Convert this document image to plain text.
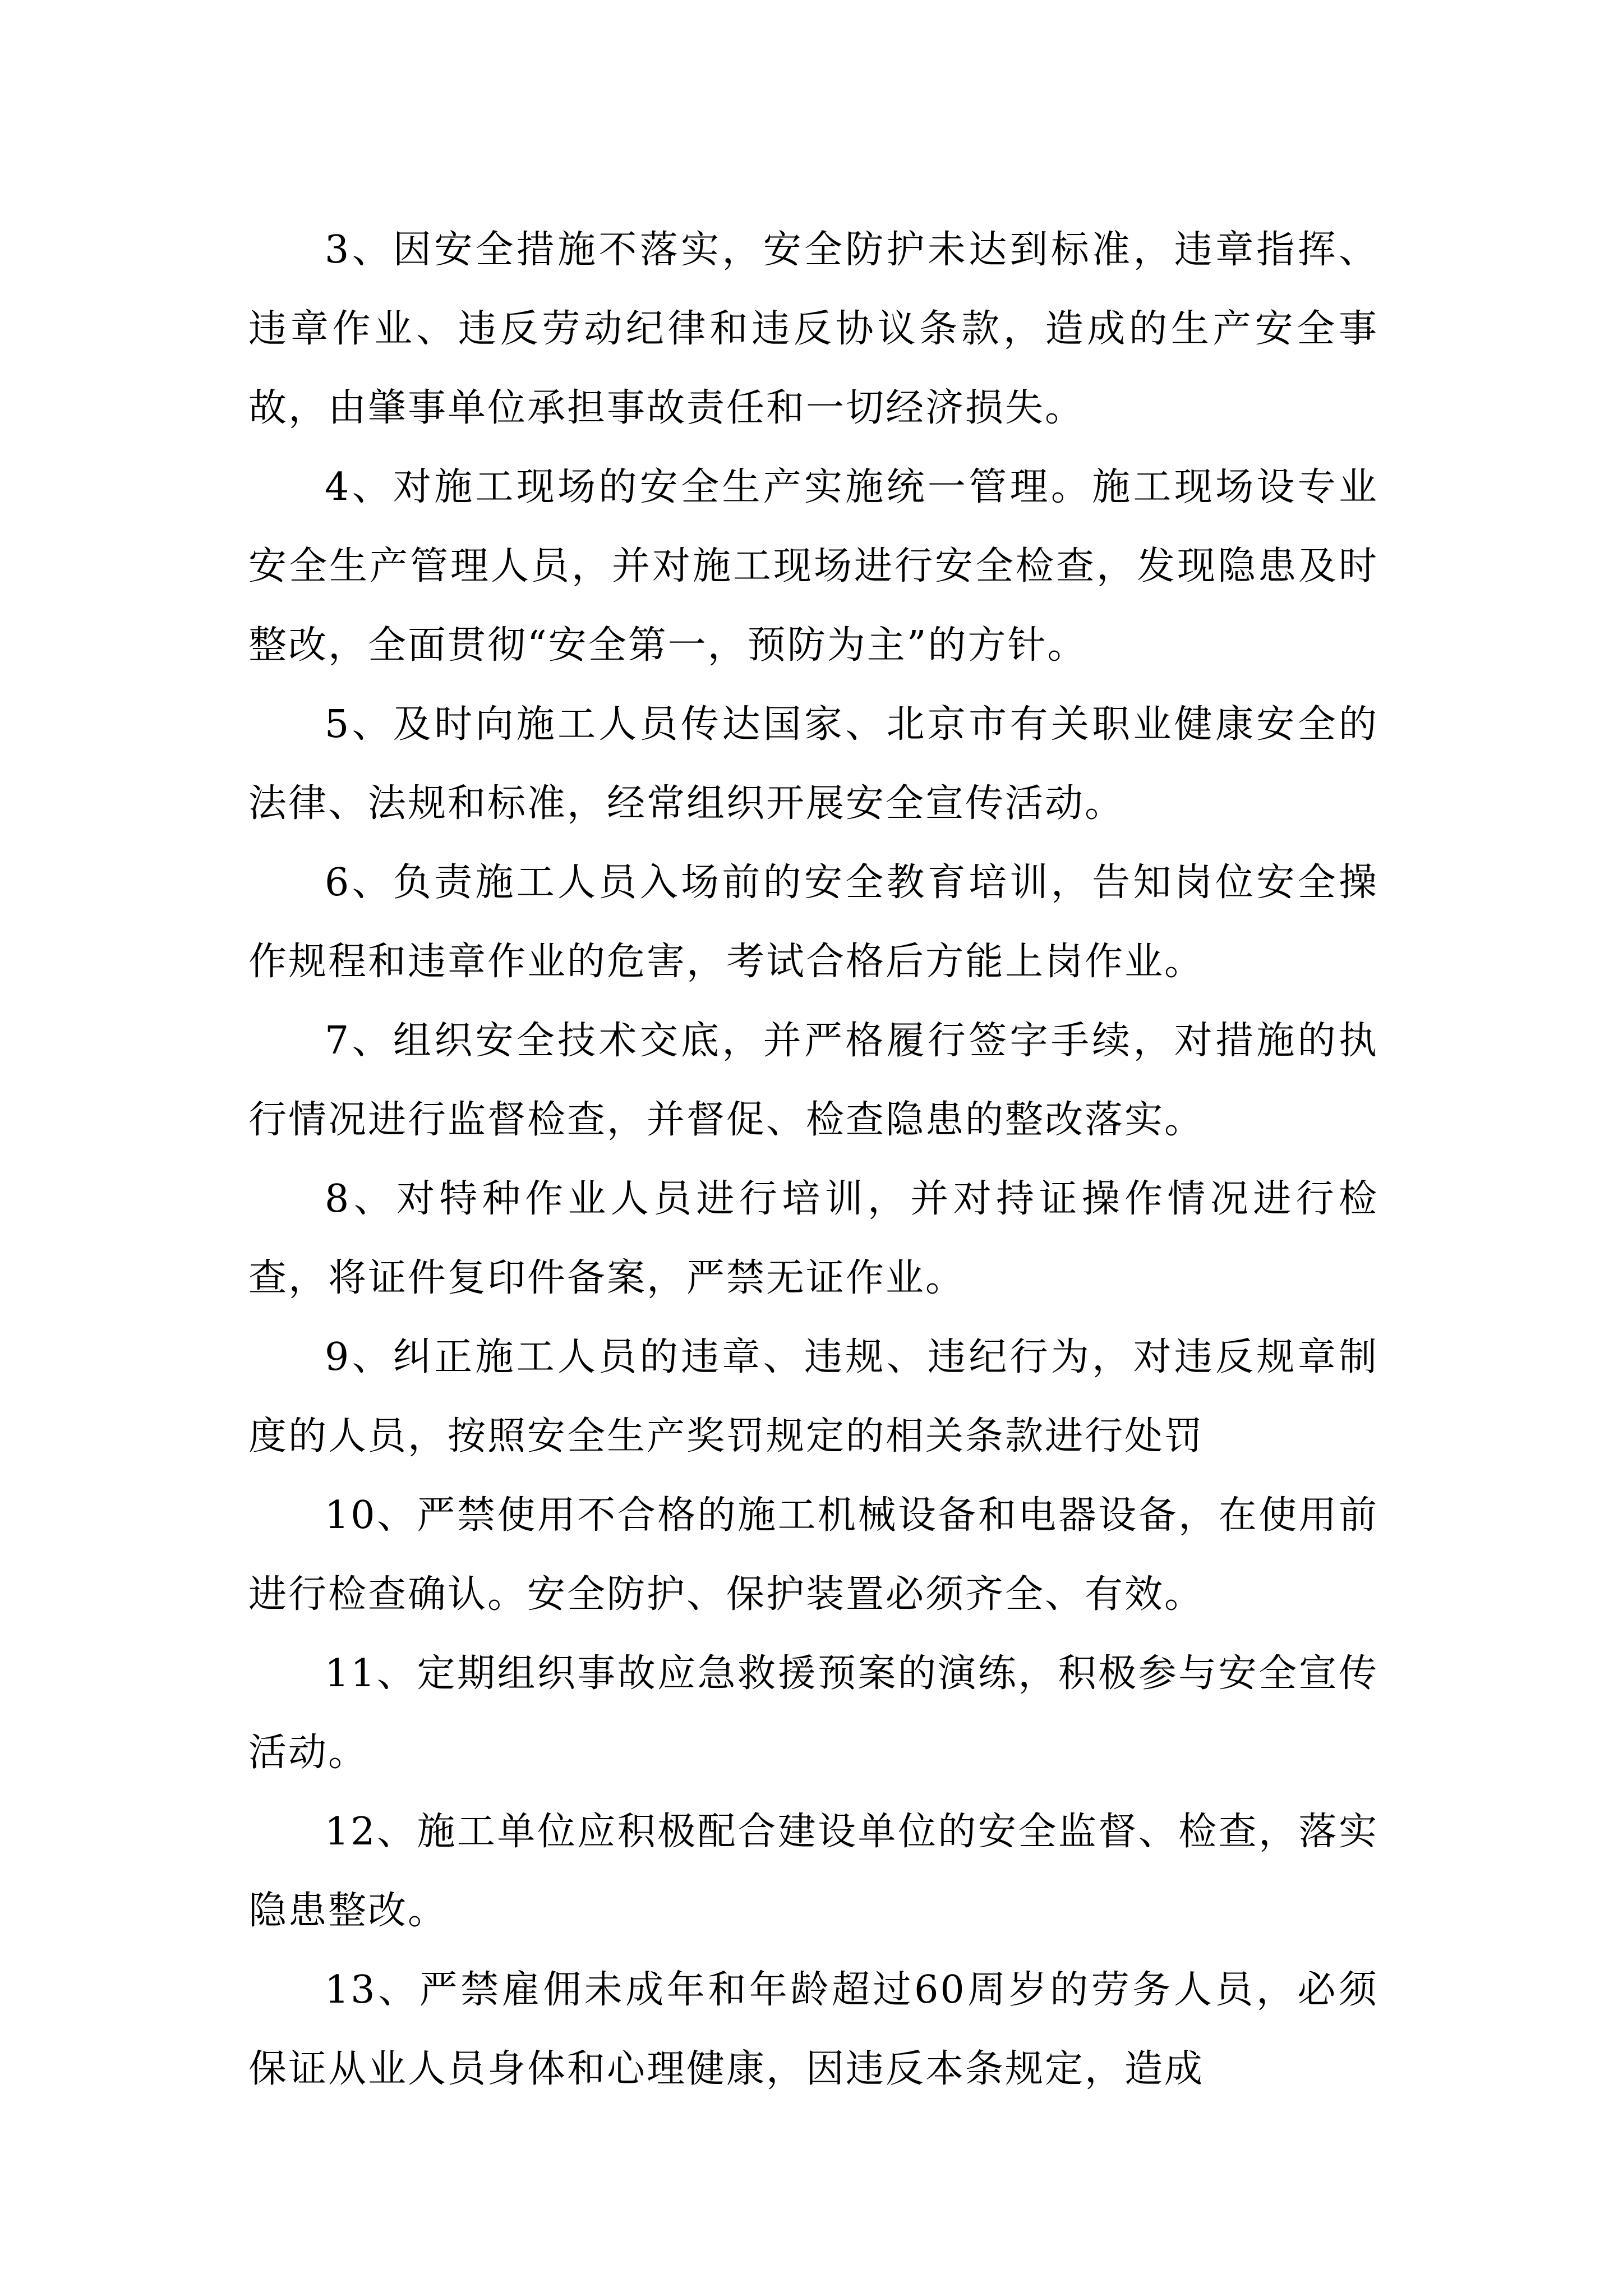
3、因安全措施不落实，安全防护未达到标准，违章指挥、违章作业、违反劳动纪律和违反协议条款，造成的生产安全事故，由肇事单位承担事故责任和一切经济损失。

4、对施工现场的安全生产实施统一管理。施工现场设专业安全生产管理人员，并对施工现场进行安全检查，发现隐患及时整改，全面贯彻“安全第一，预防为主”的方针。

5、及时向施工人员传达国家、北京市有关职业健康安全的法律、法规和标准，经常组织开展安全宣传活动。

6、负责施工人员入场前的安全教育培训，告知岗位安全操作规程和违章作业的危害，考试合格后方能上岗作业。

7、组织安全技术交底，并严格履行签字手续，对措施的执行情况进行监督检查，并督促、检查隐患的整改落实。

8、对特种作业人员进行培训，并对持证操作情况进行检查，将证件复印件备案，严禁无证作业。

9、纠正施工人员的违章、违规、违纪行为，对违反规章制度的人员，按照安全生产奖罚规定的相关条款进行处罚

10、严禁使用不合格的施工机械设备和电器设备，在使用前进行检查确认。安全防护、保护装置必须齐全、有效。

11、定期组织事故应急救援预案的演练，积极参与安全宣传活动。

12、施工单位应积极配合建设单位的安全监督、检查，落实隐患整改。

13、严禁雇佣未成年和年龄超过60周岁的劳务人员，必须保证从业人员身体和心理健康，因违反本条规定，造成
